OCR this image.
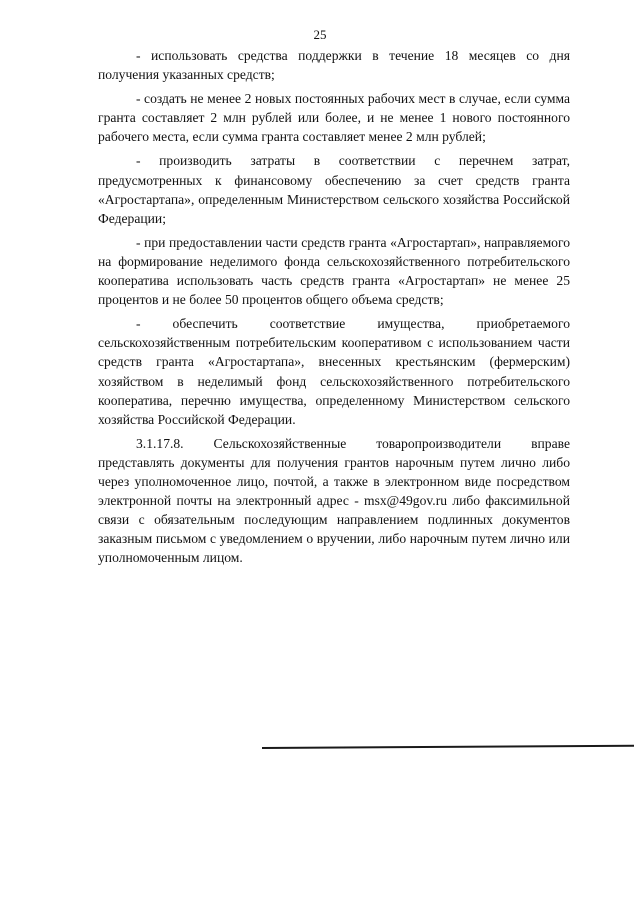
25

- использовать средства поддержки в течение 18 месяцев со дня получения указанных средств;

- создать не менее 2 новых постоянных рабочих мест в случае, если сумма гранта составляет 2 млн рублей или более, и не менее 1 нового постоянного рабочего места, если сумма гранта составляет менее 2 млн рублей;

- производить затраты в соответствии с перечнем затрат, предусмотренных к финансовому обеспечению за счет средств гранта «Агростартапа», определенным Министерством сельского хозяйства Российской Федерации;

- при предоставлении части средств гранта «Агростартап», направляемого на формирование неделимого фонда сельскохозяйственного потребительского кооператива использовать часть средств гранта «Агростартап» не менее 25 процентов и не более 50 процентов общего объема средств;

- обеспечить соответствие имущества, приобретаемого сельскохозяйственным потребительским кооперативом с использованием части средств гранта «Агростартапа», внесенных крестьянским (фермерским) хозяйством в неделимый фонд сельскохозяйственного потребительского кооператива, перечню имущества, определенному Министерством сельского хозяйства Российской Федерации.

3.1.17.8. Сельскохозяйственные товаропроизводители вправе представлять документы для получения грантов нарочным путем лично либо через уполномоченное лицо, почтой, а также в электронном виде посредством электронной почты на электронный адрес - msx@49gov.ru либо факсимильной связи с обязательным последующим направлением подлинных документов заказным письмом с уведомлением о вручении, либо нарочным путем лично или уполномоченным лицом.
